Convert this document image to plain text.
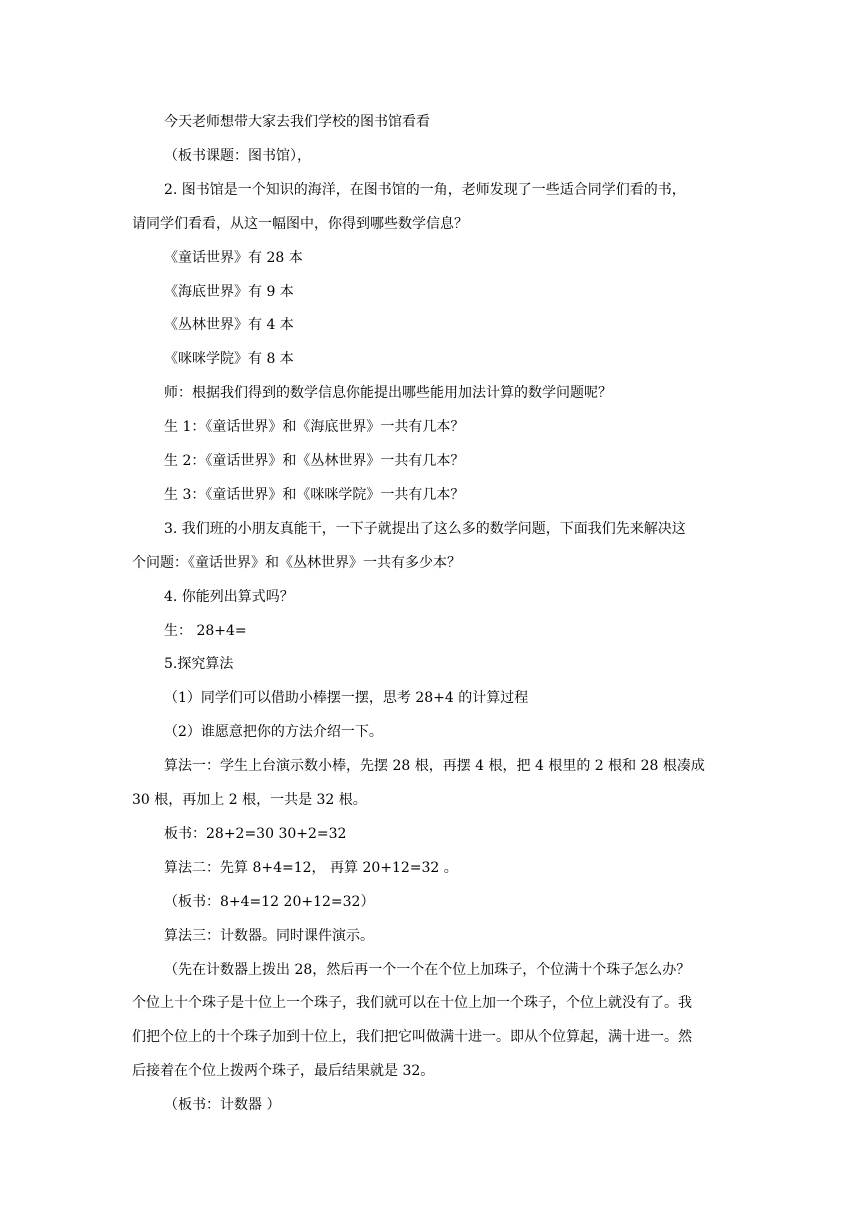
今天老师想带大家去我们学校的图书馆看看
（板书课题：图书馆），
2. 图书馆是一个知识的海洋，在图书馆的一角，老师发现了一些适合同学们看的书，
请同学们看看，从这一幅图中，你得到哪些数学信息？
《童话世界》有 28 本
《海底世界》有 9 本
《丛林世界》有 4 本
《咪咪学院》有 8 本
师：根据我们得到的数学信息你能提出哪些能用加法计算的数学问题呢？
生 1：《童话世界》和《海底世界》一共有几本？
生 2：《童话世界》和《丛林世界》一共有几本？
生 3：《童话世界》和《咪咪学院》一共有几本？
3. 我们班的小朋友真能干，一下子就提出了这么多的数学问题，下面我们先来解决这
个问题：《童话世界》和《丛林世界》一共有多少本？
4. 你能列出算式吗？
生： 28+4=
5.探究算法
（1）同学们可以借助小棒摆一摆，思考 28+4 的计算过程
（2）谁愿意把你的方法介绍一下。
算法一：学生上台演示数小棒，先摆 28 根，再摆 4 根，把 4 根里的 2 根和 28 根凑成
30 根，再加上 2 根，一共是 32 根。
板书：28+2=30 30+2=32
算法二：先算 8+4=12， 再算 20+12=32 。
（板书：8+4=12 20+12=32）
算法三：计数器。同时课件演示。
（先在计数器上拨出 28，然后再一个一个在个位上加珠子，个位满十个珠子怎么办？
个位上十个珠子是十位上一个珠子，我们就可以在十位上加一个珠子，个位上就没有了。我
们把个位上的十个珠子加到十位上，我们把它叫做满十进一。即从个位算起，满十进一。然
后接着在个位上拨两个珠子，最后结果就是 32。
（板书：计数器 ）
